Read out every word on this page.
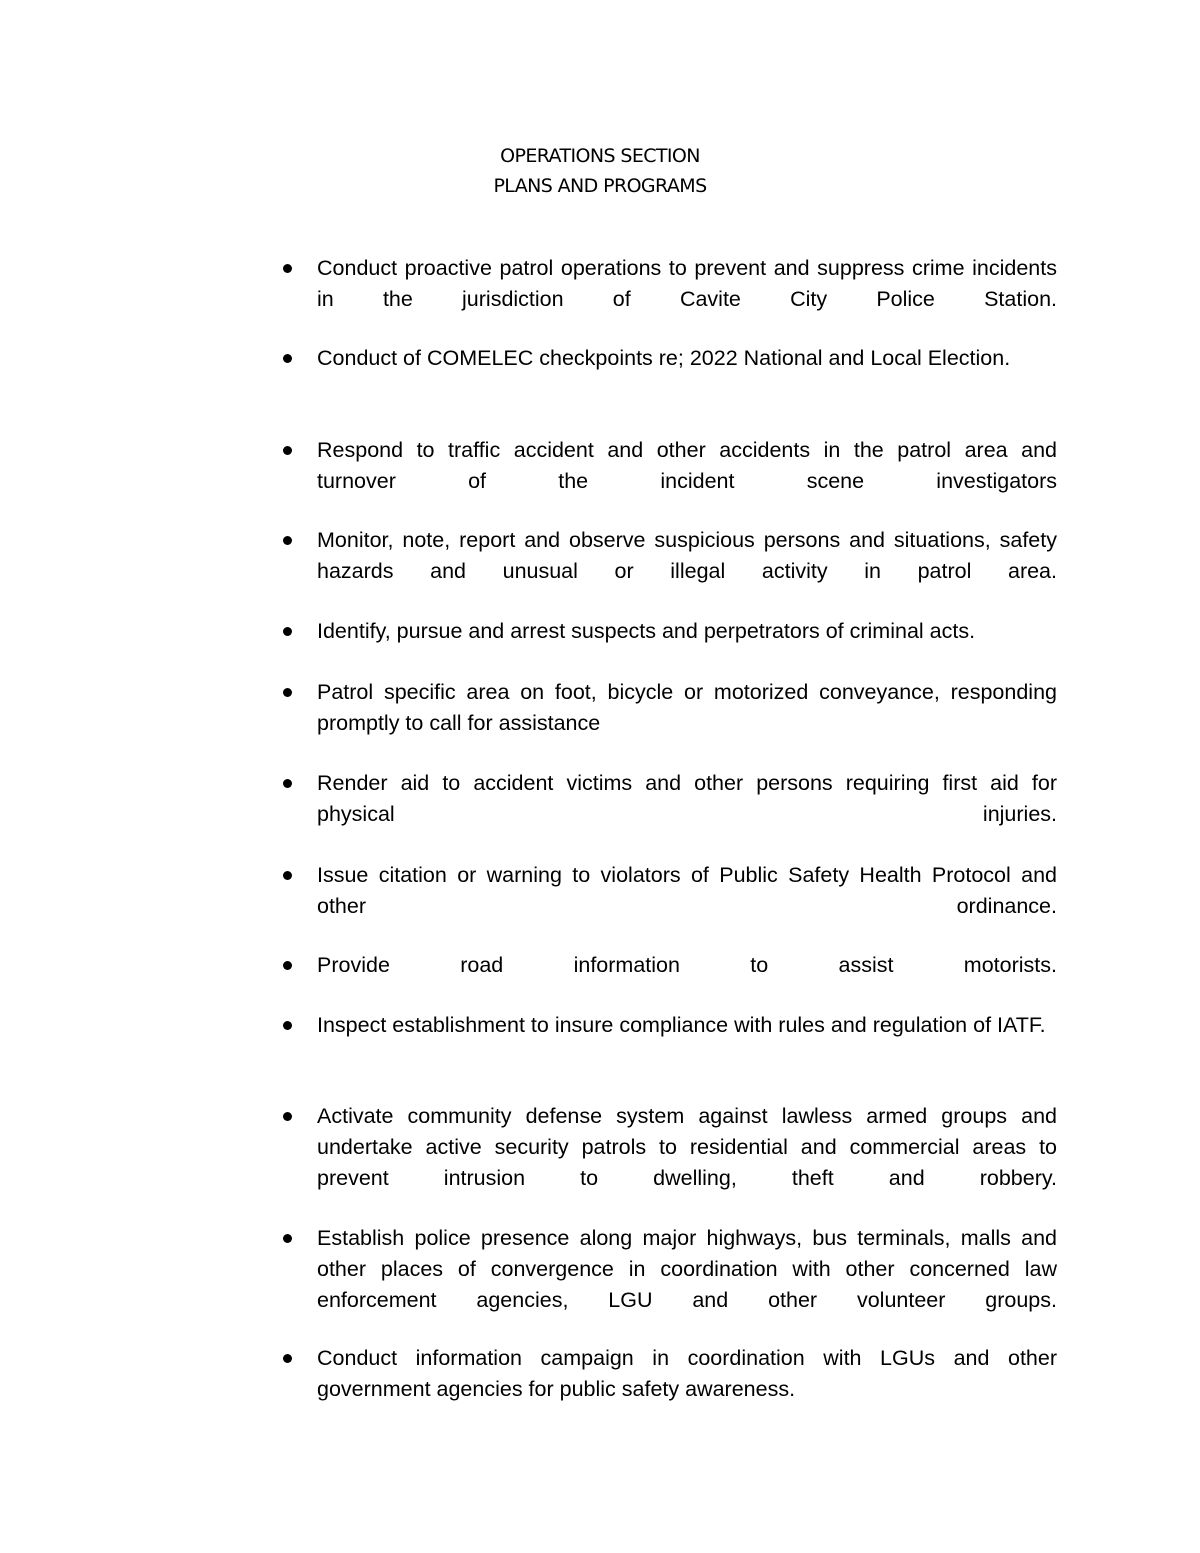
OPERATIONS SECTION
PLANS AND PROGRAMS
Conduct proactive patrol operations to prevent and suppress crime incidents in the jurisdiction of Cavite City Police Station.
Conduct of COMELEC checkpoints re; 2022 National and Local Election.
Respond to traffic accident and other accidents in the patrol area and turnover of the incident scene investigators
Monitor, note, report and observe suspicious persons and situations, safety hazards and unusual or illegal activity in patrol area.
Identify, pursue and arrest suspects and perpetrators of criminal acts.
Patrol specific area on foot, bicycle or motorized conveyance, responding promptly to call for assistance
Render aid to accident victims and other persons requiring first aid for physical injuries.
Issue citation or warning to violators of Public Safety Health Protocol and other ordinance.
Provide road information to assist motorists.
Inspect establishment to insure compliance with rules and regulation of IATF.
Activate community defense system against lawless armed groups and undertake active security patrols to residential and commercial areas to prevent intrusion to dwelling, theft and robbery.
Establish police presence along major highways, bus terminals, malls and other places of convergence in coordination with other concerned law enforcement agencies, LGU and other volunteer groups.
Conduct information campaign in coordination with LGUs and other government agencies for public safety awareness.
